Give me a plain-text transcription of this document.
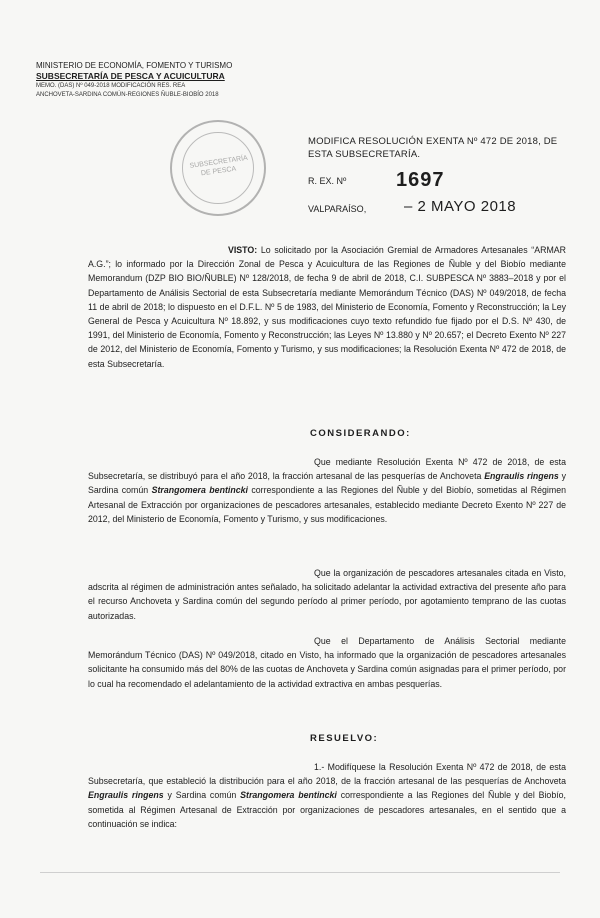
MINISTERIO DE ECONOMÍA, FOMENTO Y TURISMO
SUBSECRETARÍA DE PESCA Y ACUICULTURA
MEMO. (DAS) Nº 049-2018 MODIFICACIÓN RES. REA
ANCHOVETA-SARDINA COMÚN-REGIONES ÑUBLE-BIOBÍO 2018
SUBSECRETARÍA DE PESCA
MODIFICA RESOLUCIÓN EXENTA Nº 472 DE 2018, DE ESTA SUBSECRETARÍA.
R. EX. Nº 1697
VALPARAÍSO,	– 2 MAYO 2018
VISTO: Lo solicitado por la Asociación Gremial de Armadores Artesanales “ARMAR A.G.”; lo informado por la Dirección Zonal de Pesca y Acuicultura de las Regiones de Ñuble y del Biobío mediante Memorandum (DZP BIO BIO/ÑUBLE) Nº 128/2018, de fecha 9 de abril de 2018, C.I. SUBPESCA Nº 3883–2018 y por el Departamento de Análisis Sectorial de esta Subsecretaría mediante Memorándum Técnico (DAS) Nº 049/2018, de fecha 11 de abril de 2018; lo dispuesto en el D.F.L. Nº 5 de 1983, del Ministerio de Economía, Fomento y Reconstrucción; la Ley General de Pesca y Acuicultura Nº 18.892, y sus modificaciones cuyo texto refundido fue fijado por el D.S. Nº 430, de 1991, del Ministerio de Economía, Fomento y Reconstrucción; las Leyes Nº 13.880 y Nº 20.657; el Decreto Exento Nº 227 de 2012, del Ministerio de Economía, Fomento y Turismo, y sus modificaciones; la Resolución Exenta Nº 472 de 2018, de esta Subsecretaría.
CONSIDERANDO:
Que mediante Resolución Exenta Nº 472 de 2018, de esta Subsecretaría, se distribuyó para el año 2018, la fracción artesanal de las pesquerías de Anchoveta Engraulis ringens y Sardina común Strangomera bentincki correspondiente a las Regiones del Ñuble y del Biobío, sometidas al Régimen Artesanal de Extracción por organizaciones de pescadores artesanales, establecido mediante Decreto Exento Nº 227 de 2012, del Ministerio de Economía, Fomento y Turismo, y sus modificaciones.
Que la organización de pescadores artesanales citada en Visto, adscrita al régimen de administración antes señalado, ha solicitado adelantar la actividad extractiva del presente año para el recurso Anchoveta y Sardina común del segundo período al primer período, por agotamiento temprano de las cuotas autorizadas.
Que el Departamento de Análisis Sectorial mediante Memorándum Técnico (DAS) Nº 049/2018, citado en Visto, ha informado que la organización de pescadores artesanales solicitante ha consumido más del 80% de las cuotas de Anchoveta y Sardina común asignadas para el primer período, por lo cual ha recomendado el adelantamiento de la actividad extractiva en ambas pesquerías.
RESUELVO:
1.- Modifíquese la Resolución Exenta Nº 472 de 2018, de esta Subsecretaría, que estableció la distribución para el año 2018, de la fracción artesanal de las pesquerías de Anchoveta Engraulis ringens y Sardina común Strangomera bentincki correspondiente a las Regiones del Ñuble y del Biobío, sometida al Régimen Artesanal de Extracción por organizaciones de pescadores artesanales, en el sentido que a continuación se indica:
